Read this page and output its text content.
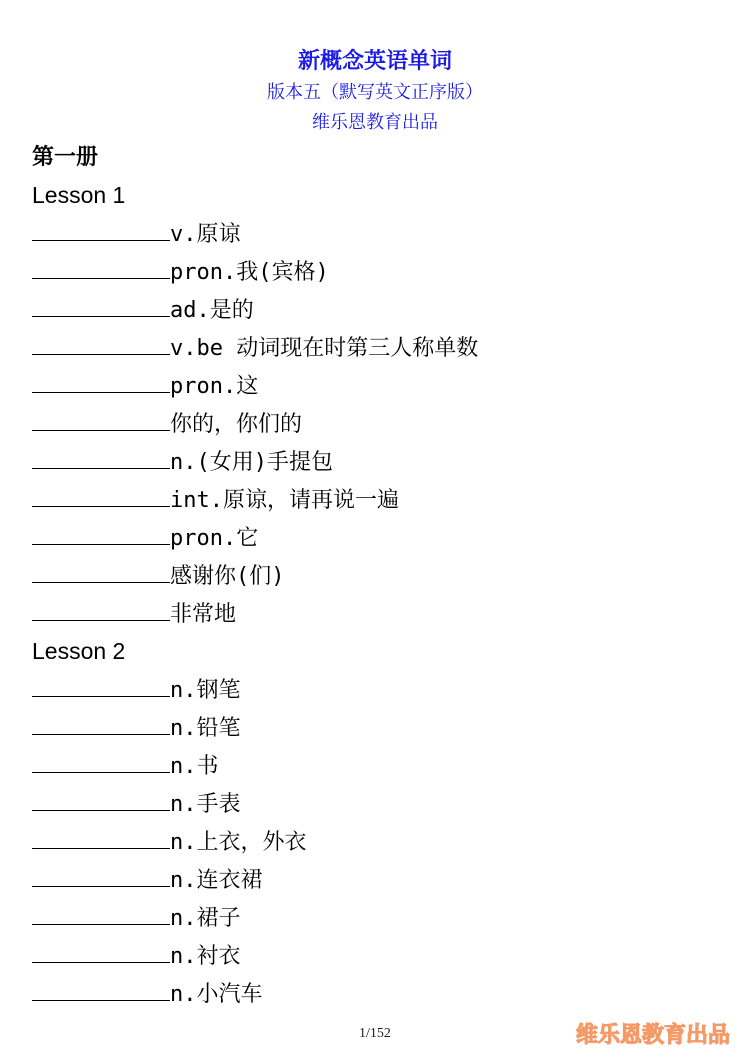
新概念英语单词
版本五（默写英文正序版）
维乐恩教育出品
第一册
Lesson 1
v.原谅
pron.我(宾格)
ad.是的
v.be 动词现在时第三人称单数
pron.这
你的，你们的
n.(女用)手提包
int.原谅，请再说一遍
pron.它
感谢你(们)
非常地
Lesson 2
n.钢笔
n.铅笔
n.书
n.手表
n.上衣，外衣
n.连衣裙
n.裙子
n.衬衣
n.小汽车
1/152	维乐恩教育出品
